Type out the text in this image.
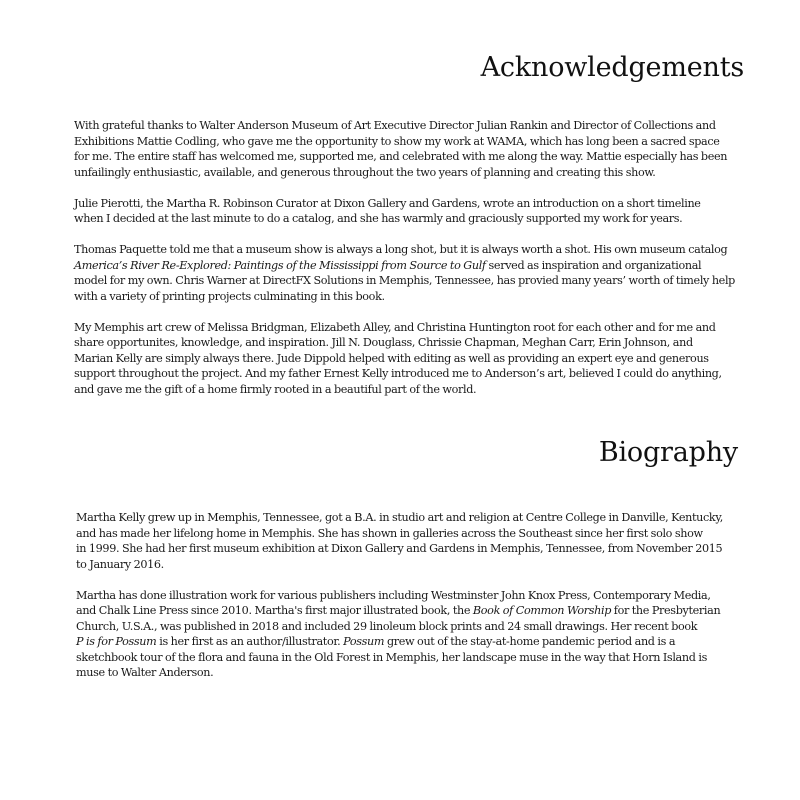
Acknowledgements

With grateful thanks to Walter Anderson Museum of Art Executive Director Julian Rankin and Director of Collections and
Exhibitions Mattie Codling, who gave me the opportunity to show my work at WAMA, which has long been a sacred space
for me. The entire staff has welcomed me, supported me, and celebrated with me along the way. Mattie especially has been
unfailingly enthusiastic, available, and generous throughout the two years of planning and creating this show.

Julie Pierotti, the Martha R. Robinson Curator at Dixon Gallery and Gardens, wrote an introduction on a short timeline
when I decided at the last minute to do a catalog, and she has warmly and graciously supported my work for years.

Thomas Paquette told me that a museum show is always a long shot, but it is always worth a shot. His own museum catalog
America’s River Re-Explored: Paintings of the Mississippi from Source to Gulf served as inspiration and organizational
model for my own. Chris Warner at DirectFX Solutions in Memphis, Tennessee, has provied many years’ worth of timely help
with a variety of printing projects culminating in this book.

My Memphis art crew of Melissa Bridgman, Elizabeth Alley, and Christina Huntington root for each other and for me and
share opportunites, knowledge, and inspiration. Jill N. Douglass, Chrissie Chapman, Meghan Carr, Erin Johnson, and
Marian Kelly are simply always there. Jude Dippold helped with editing as well as providing an expert eye and generous
support throughout the project. And my father Ernest Kelly introduced me to Anderson’s art, believed I could do anything,
and gave me the gift of a home firmly rooted in a beautiful part of the world.

Biography

Martha Kelly grew up in Memphis, Tennessee, got a B.A. in studio art and religion at Centre College in Danville, Kentucky,
and has made her lifelong home in Memphis. She has shown in galleries across the Southeast since her first solo show
in 1999. She had her first museum exhibition at Dixon Gallery and Gardens in Memphis, Tennessee, from November 2015
to January 2016.

Martha has done illustration work for various publishers including Westminster John Knox Press, Contemporary Media,
and Chalk Line Press since 2010. Martha's first major illustrated book, the Book of Common Worship for the Presbyterian
Church, U.S.A., was published in 2018 and included 29 linoleum block prints and 24 small drawings. Her recent book
P is for Possum is her first as an author/illustrator. Possum grew out of the stay-at-home pandemic period and is a
sketchbook tour of the flora and fauna in the Old Forest in Memphis, her landscape muse in the way that Horn Island is
muse to Walter Anderson.
